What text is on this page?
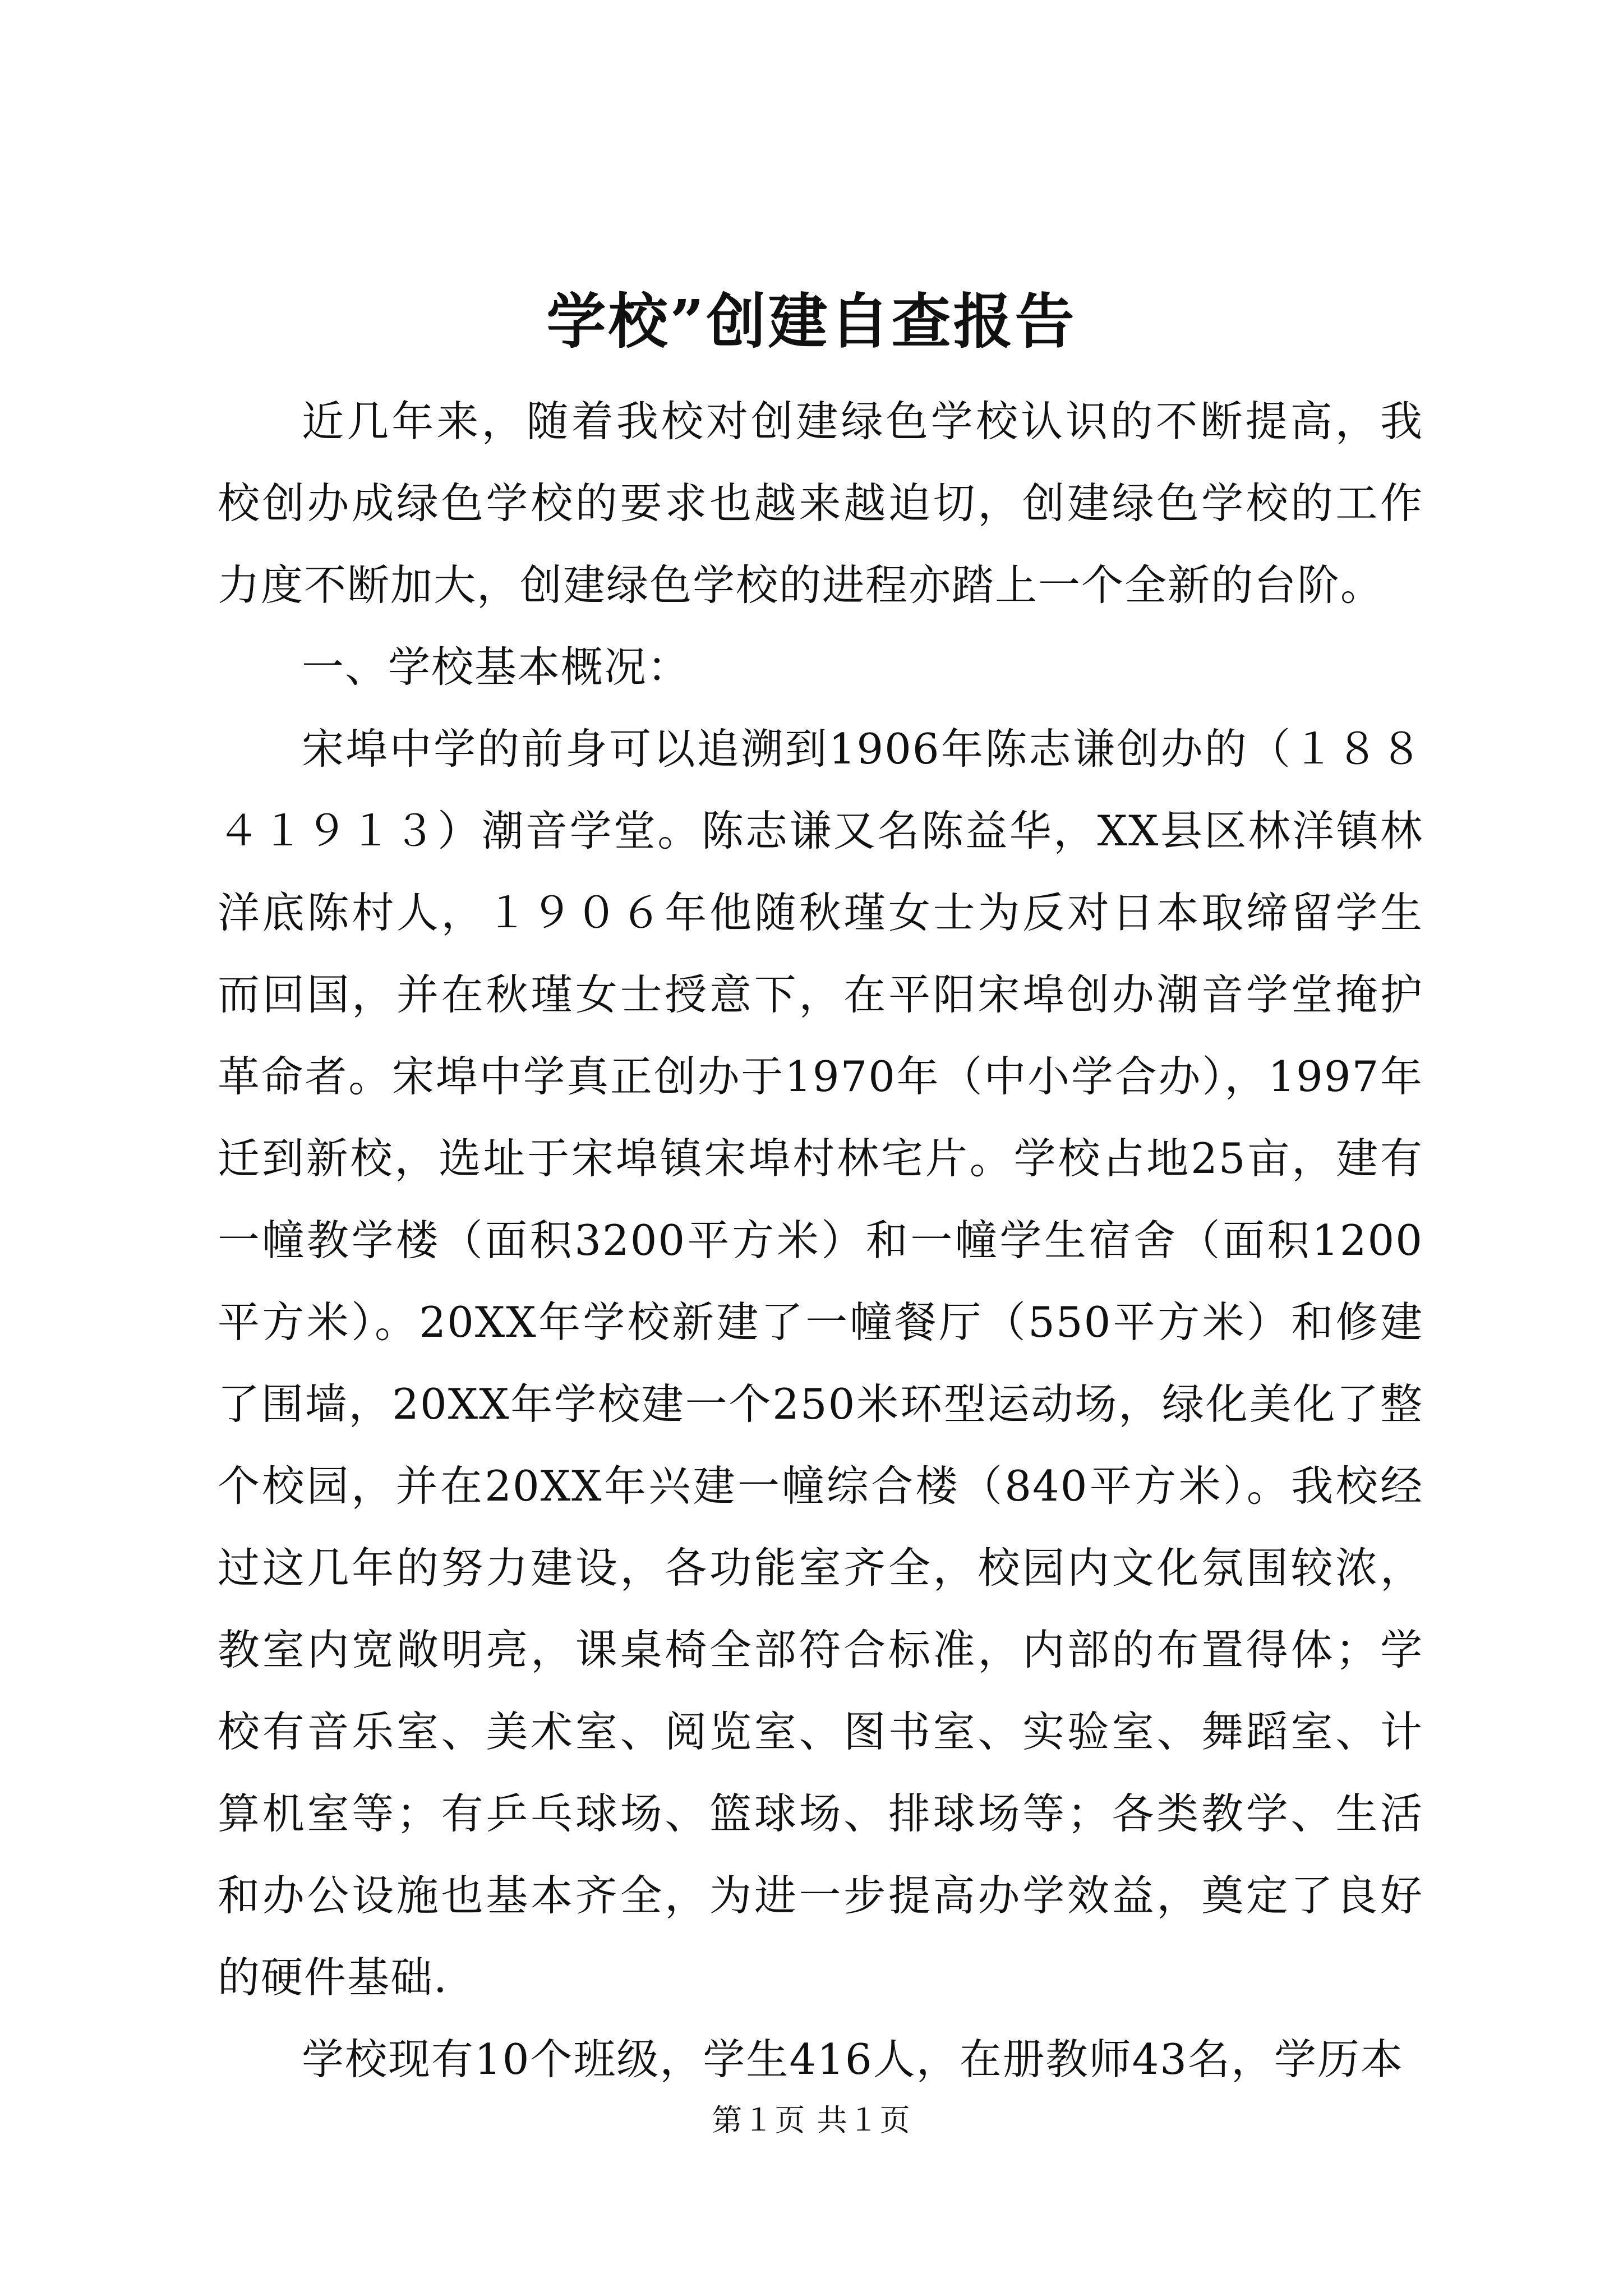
学校”创建自查报告

近几年来，随着我校对创建绿色学校认识的不断提高，我校创办成绿色学校的要求也越来越迫切，创建绿色学校的工作力度不断加大，创建绿色学校的进程亦踏上一个全新的台阶。

一、学校基本概况：

宋埠中学的前身可以追溯到1906年陈志谦创办的（１８８４１９１３）潮音学堂。陈志谦又名陈益华，XX县区林洋镇林洋底陈村人，１９０６年他随秋瑾女士为反对日本取缔留学生而回国，并在秋瑾女士授意下，在平阳宋埠创办潮音学堂掩护革命者。宋埠中学真正创办于1970年（中小学合办），1997年迁到新校，选址于宋埠镇宋埠村林宅片。学校占地25亩，建有一幢教学楼（面积3200平方米）和一幢学生宿舍（面积1200平方米）。20XX年学校新建了一幢餐厅（550平方米）和修建了围墙，20XX年学校建一个250米环型运动场，绿化美化了整个校园，并在20XX年兴建一幢综合楼（840平方米）。我校经过这几年的努力建设，各功能室齐全，校园内文化氛围较浓，教室内宽敞明亮，课桌椅全部符合标准，内部的布置得体；学校有音乐室、美术室、阅览室、图书室、实验室、舞蹈室、计算机室等；有乒乓球场、篮球场、排球场等；各类教学、生活和办公设施也基本齐全，为进一步提高办学效益，奠定了良好的硬件基础.

学校现有10个班级，学生416人，在册教师43名，学历本

第１页 共１页
